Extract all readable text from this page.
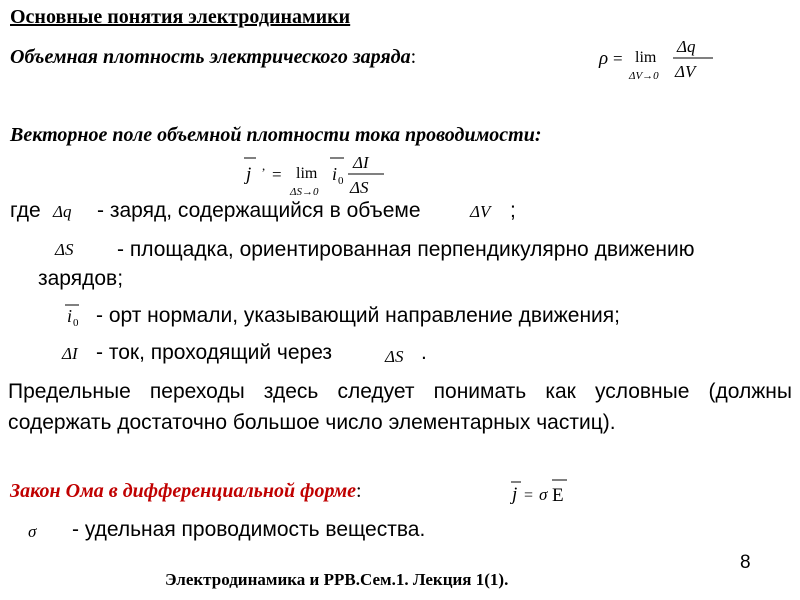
Основные понятия электродинамики
Объемная плотность электрического заряда:	ρ = lim
ΔV→0
Δq
ΔV
Векторное поле объемной плотности тока проводимости:
j , = lim
ΔS→0
i 0
ΔI
ΔS
где Δq - заряд, содержащийся в объеме	ΔV ;
ΔS - площадка, ориентированная перпендикулярно движению
зарядов;
i 0 - орт нормали, указывающий направление движения;
ΔI - ток, проходящий через	ΔS .
Предельные переходы здесь следует понимать как условные (должны содержать достаточно большое число элементарных частиц).
Закон Ома в дифференциальной форме:	j = σ E
σ - удельная проводимость вещества.
Электродинамика и РРВ.Сем.1. Лекция 1(1).
8
